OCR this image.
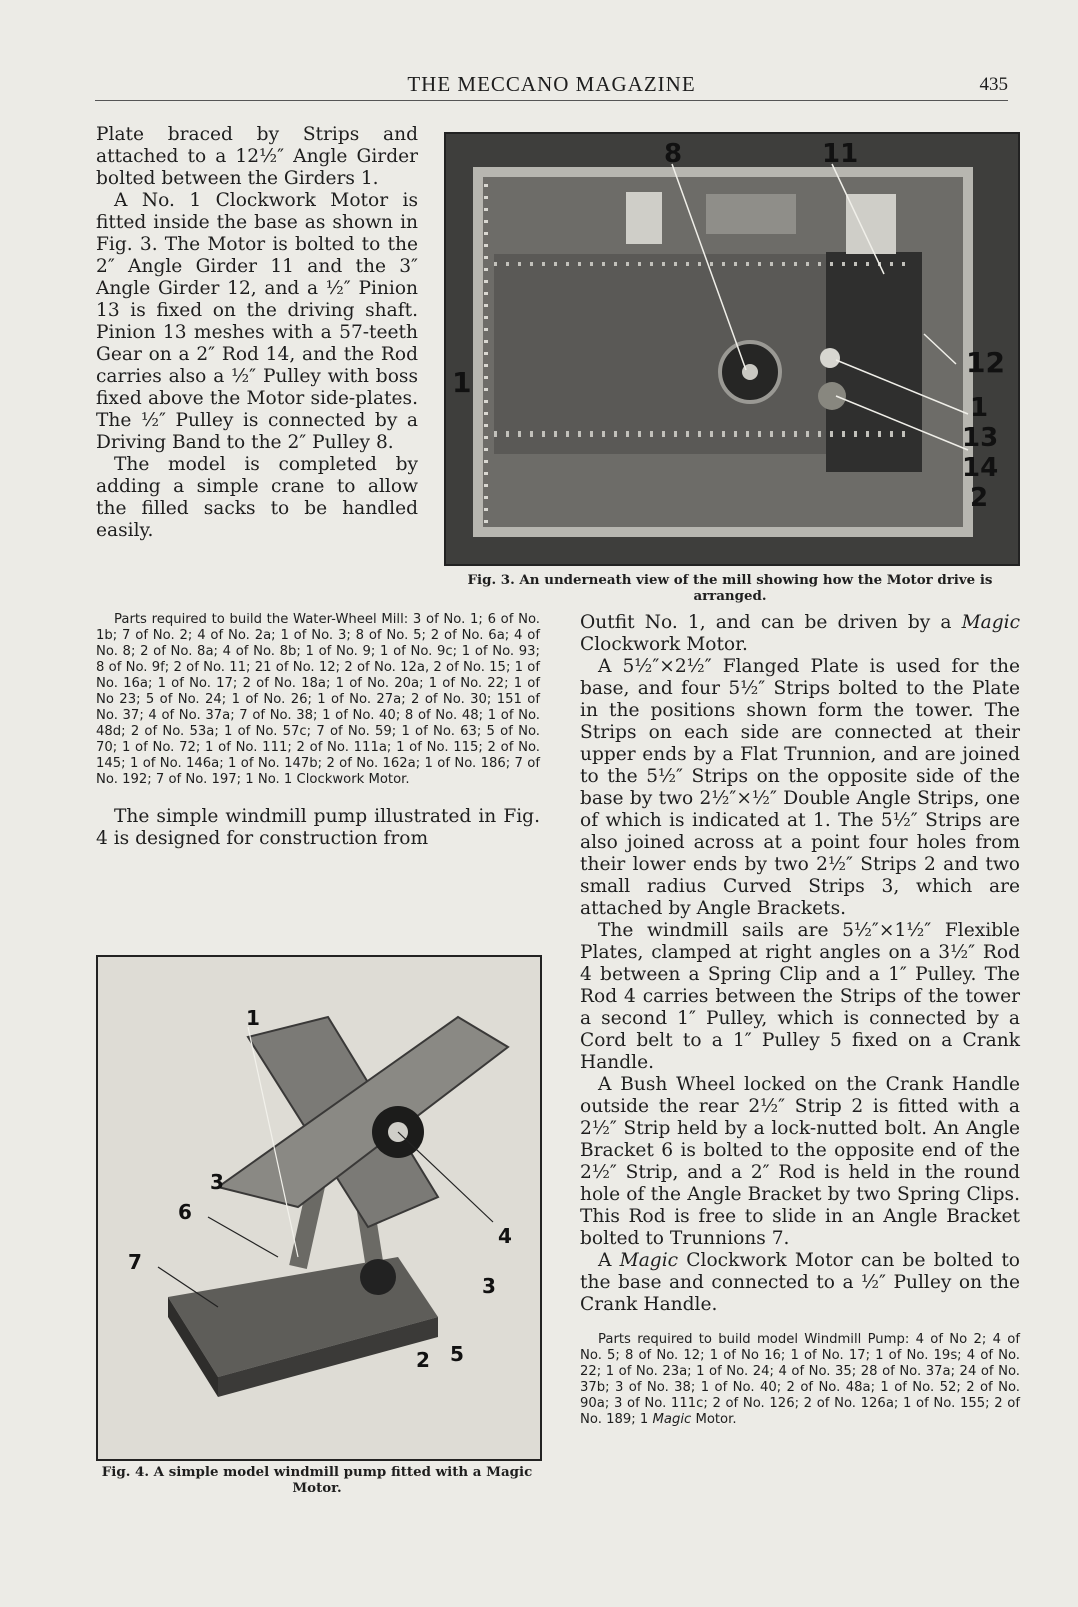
THE MECCANO MAGAZINE	435

Plate braced by Strips and attached to a 12½″ Angle Girder bolted between the Girders 1.

A No. 1 Clockwork Motor is fitted inside the base as shown in Fig. 3. The Motor is bolted to the 2″ Angle Girder 11 and the 3″ Angle Girder 12, and a ½″ Pinion 13 is fixed on the driving shaft. Pinion 13 meshes with a 57-teeth Gear on a 2″ Rod 14, and the Rod carries also a ½″ Pulley with boss fixed above the Motor side-plates. The ½″ Pulley is connected by a Driving Band to the 2″ Pulley 8.

The model is completed by adding a simple crane to allow the filled sacks to be handled easily.

8	11
1
12
1
13
14
2
Fig. 3. An underneath view of the mill showing how the Motor drive is arranged.

Parts required to build the Water-Wheel Mill: 3 of No. 1; 6 of No. 1b; 7 of No. 2; 4 of No. 2a; 1 of No. 3; 8 of No. 5; 2 of No. 6a; 4 of No. 8; 2 of No. 8a; 4 of No. 8b; 1 of No. 9; 1 of No. 9c; 1 of No. 93; 8 of No. 9f; 2 of No. 11; 21 of No. 12; 2 of No. 12a, 2 of No. 15; 1 of No. 16a; 1 of No. 17; 2 of No. 18a; 1 of No. 20a; 1 of No. 22; 1 of No 23; 5 of No. 24; 1 of No. 26; 1 of No. 27a; 2 of No. 30; 151 of No. 37; 4 of No. 37a; 7 of No. 38; 1 of No. 40; 8 of No. 48; 1 of No. 48d; 2 of No. 53a; 1 of No. 57c; 7 of No. 59; 1 of No. 63; 5 of No. 70; 1 of No. 72; 1 of No. 111; 2 of No. 111a; 1 of No. 115; 2 of No. 145; 1 of No. 146a; 1 of No. 147b; 2 of No. 162a; 1 of No. 186; 7 of No. 192; 7 of No. 197; 1 No. 1 Clockwork Motor.

The simple windmill pump illustrated in Fig. 4 is designed for construction from

1
3
6
7
4
3
2 5
Fig. 4. A simple model windmill pump fitted with a Magic Motor.

Outfit No. 1, and can be driven by a Magic Clockwork Motor.

A 5½″×2½″ Flanged Plate is used for the base, and four 5½″ Strips bolted to the Plate in the positions shown form the tower. The Strips on each side are connected at their upper ends by a Flat Trunnion, and are joined to the 5½″ Strips on the opposite side of the base by two 2½″×½″ Double Angle Strips, one of which is indicated at 1. The 5½″ Strips are also joined across at a point four holes from their lower ends by two 2½″ Strips 2 and two small radius Curved Strips 3, which are attached by Angle Brackets.

The windmill sails are 5½″×1½″ Flexible Plates, clamped at right angles on a 3½″ Rod 4 between a Spring Clip and a 1″ Pulley. The Rod 4 carries between the Strips of the tower a second 1″ Pulley, which is connected by a Cord belt to a 1″ Pulley 5 fixed on a Crank Handle.

A Bush Wheel locked on the Crank Handle outside the rear 2½″ Strip 2 is fitted with a 2½″ Strip held by a lock-nutted bolt. An Angle Bracket 6 is bolted to the opposite end of the 2½″ Strip, and a 2″ Rod is held in the round hole of the Angle Bracket by two Spring Clips. This Rod is free to slide in an Angle Bracket bolted to Trunnions 7.

A Magic Clockwork Motor can be bolted to the base and connected to a ½″ Pulley on the Crank Handle.

Parts required to build model Windmill Pump: 4 of No 2; 4 of No. 5; 8 of No. 12; 1 of No 16; 1 of No. 17; 1 of No. 19s; 4 of No. 22; 1 of No. 23a; 1 of No. 24; 4 of No. 35; 28 of No. 37a; 24 of No. 37b; 3 of No. 38; 1 of No. 40; 2 of No. 48a; 1 of No. 52; 2 of No. 90a; 3 of No. 111c; 2 of No. 126; 2 of No. 126a; 1 of No. 155; 2 of No. 189; 1 Magic Motor.
